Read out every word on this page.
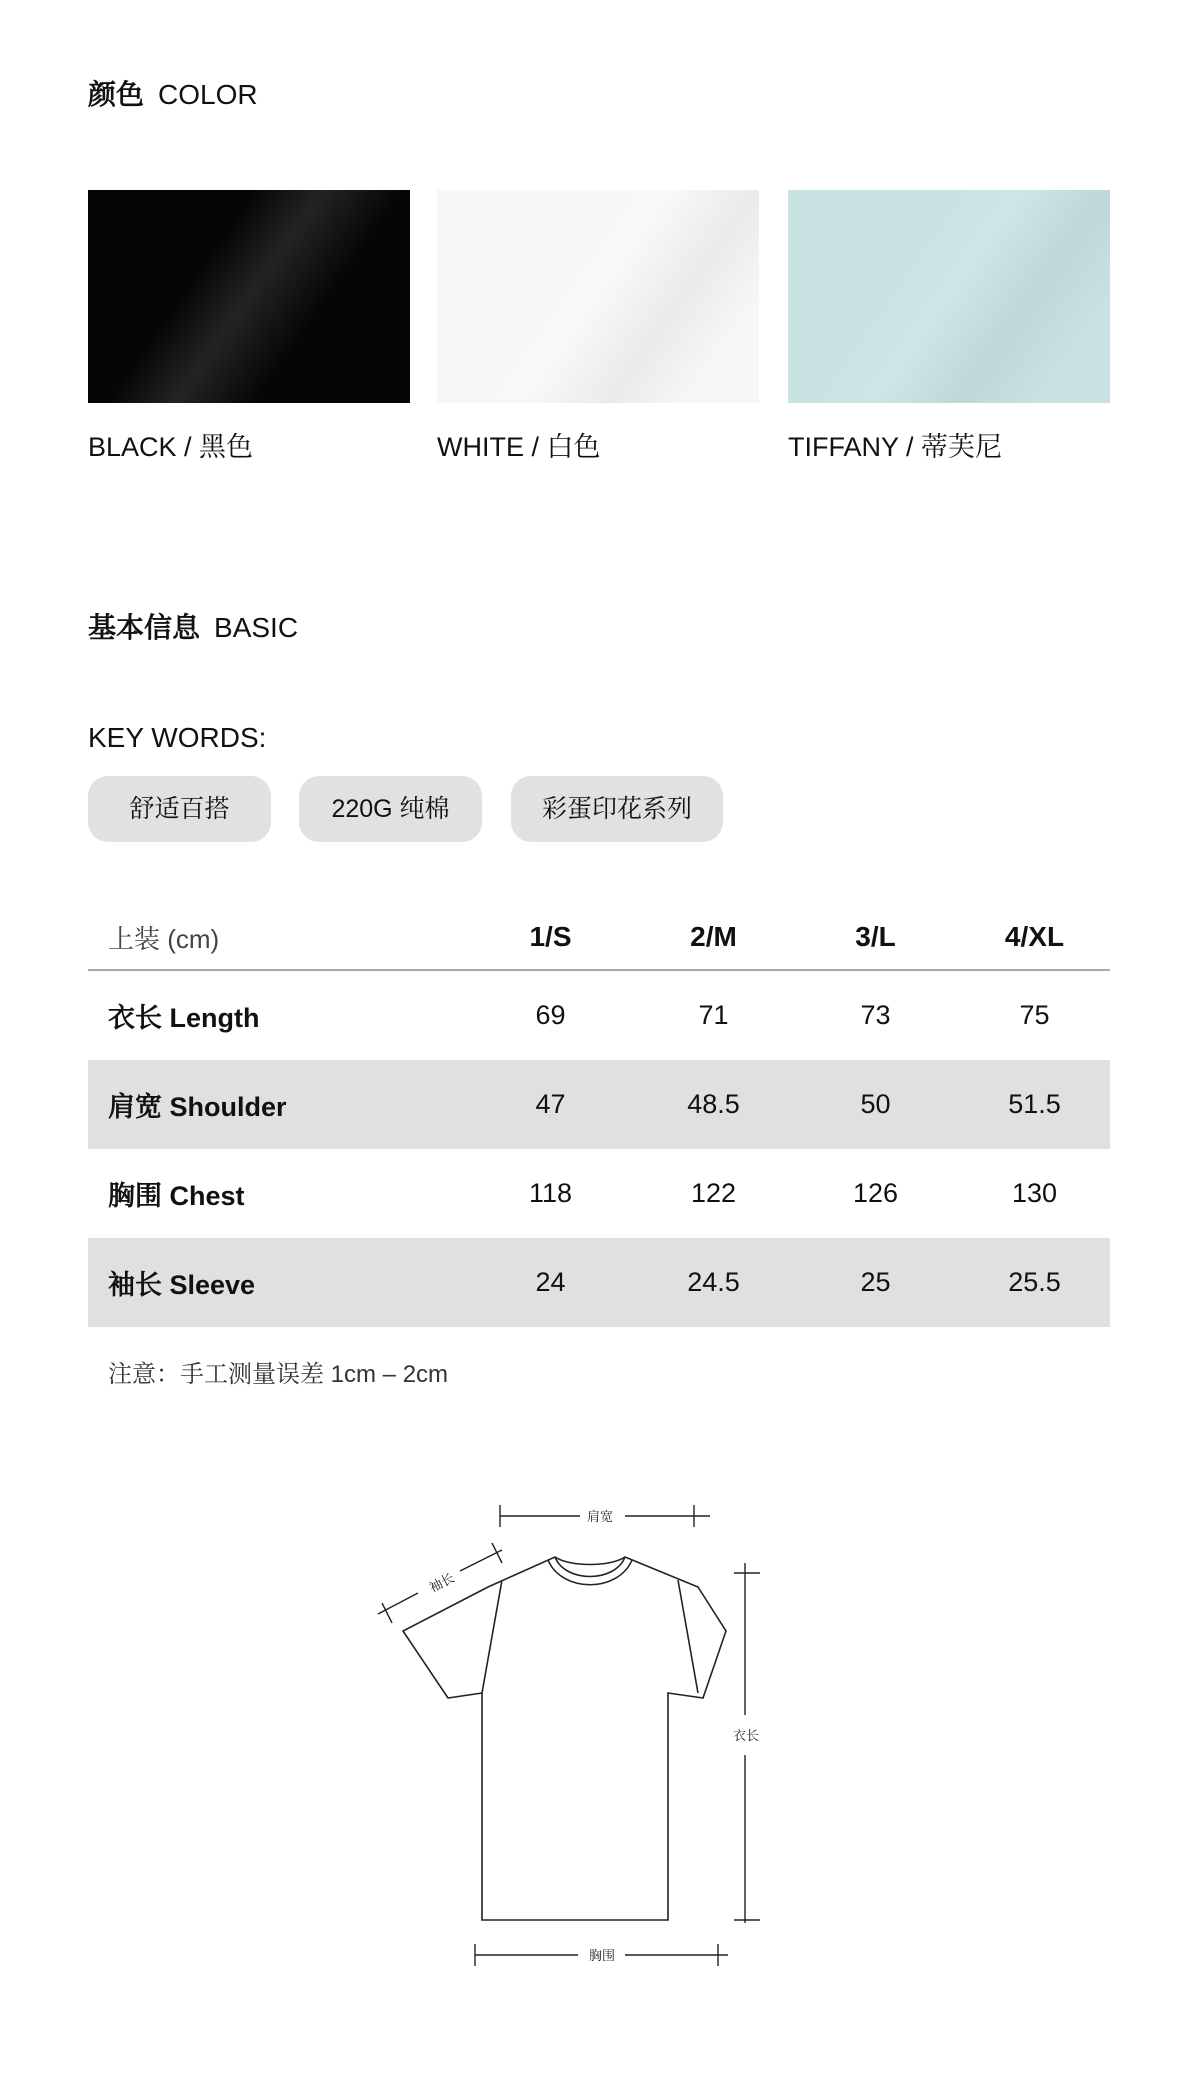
颜色 COLOR
BLACK / 黑色	WHITE / 白色	TIFFANY / 蒂芙尼
基本信息 BASIC
KEY WORDS:
舒适百搭	220G 纯棉	彩蛋印花系列
上装 (cm)	1/S	2/M	3/L	4/XL
衣长 Length	69	71	73	75
肩宽 Shoulder	47	48.5	50	51.5
胸围 Chest	118	122	126	130
袖长 Sleeve	24	24.5	25	25.5
注意：手工测量误差 1cm – 2cm
肩宽
袖长
衣长
胸围
